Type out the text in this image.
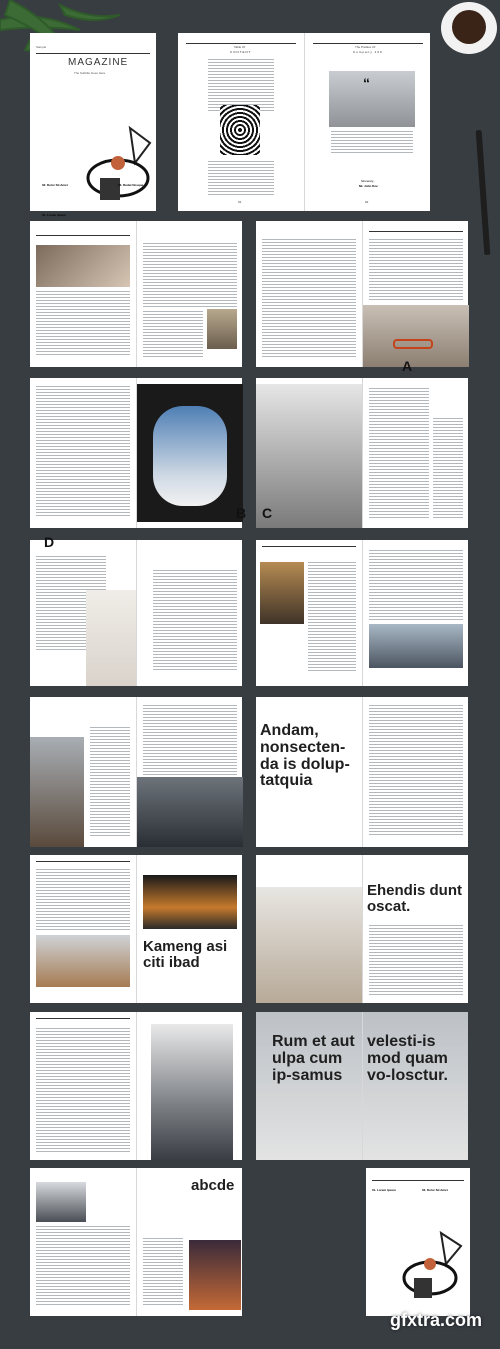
Sample
MAGAZINE
The Subtitle Goes Here
01. Lorem Ipsum
02. Dolor Sit Amet	03. Rudet Nosque
Table Of
CONTENT
01
The Preface Of
Company 100
“
Sincerely,
Mr. John Doe
02
A
B C
D
Andam, nonsecten-da is dolup-tatquia
Kameng asi citi ibad
Ehendis dunt oscat.
Rum et aut ulpa cum ip-samus
velesti-is mod quam vo-losctur.
abcde	01. Lorem Ipsum	02. Dolor Sit Amet
gfxtra.com
